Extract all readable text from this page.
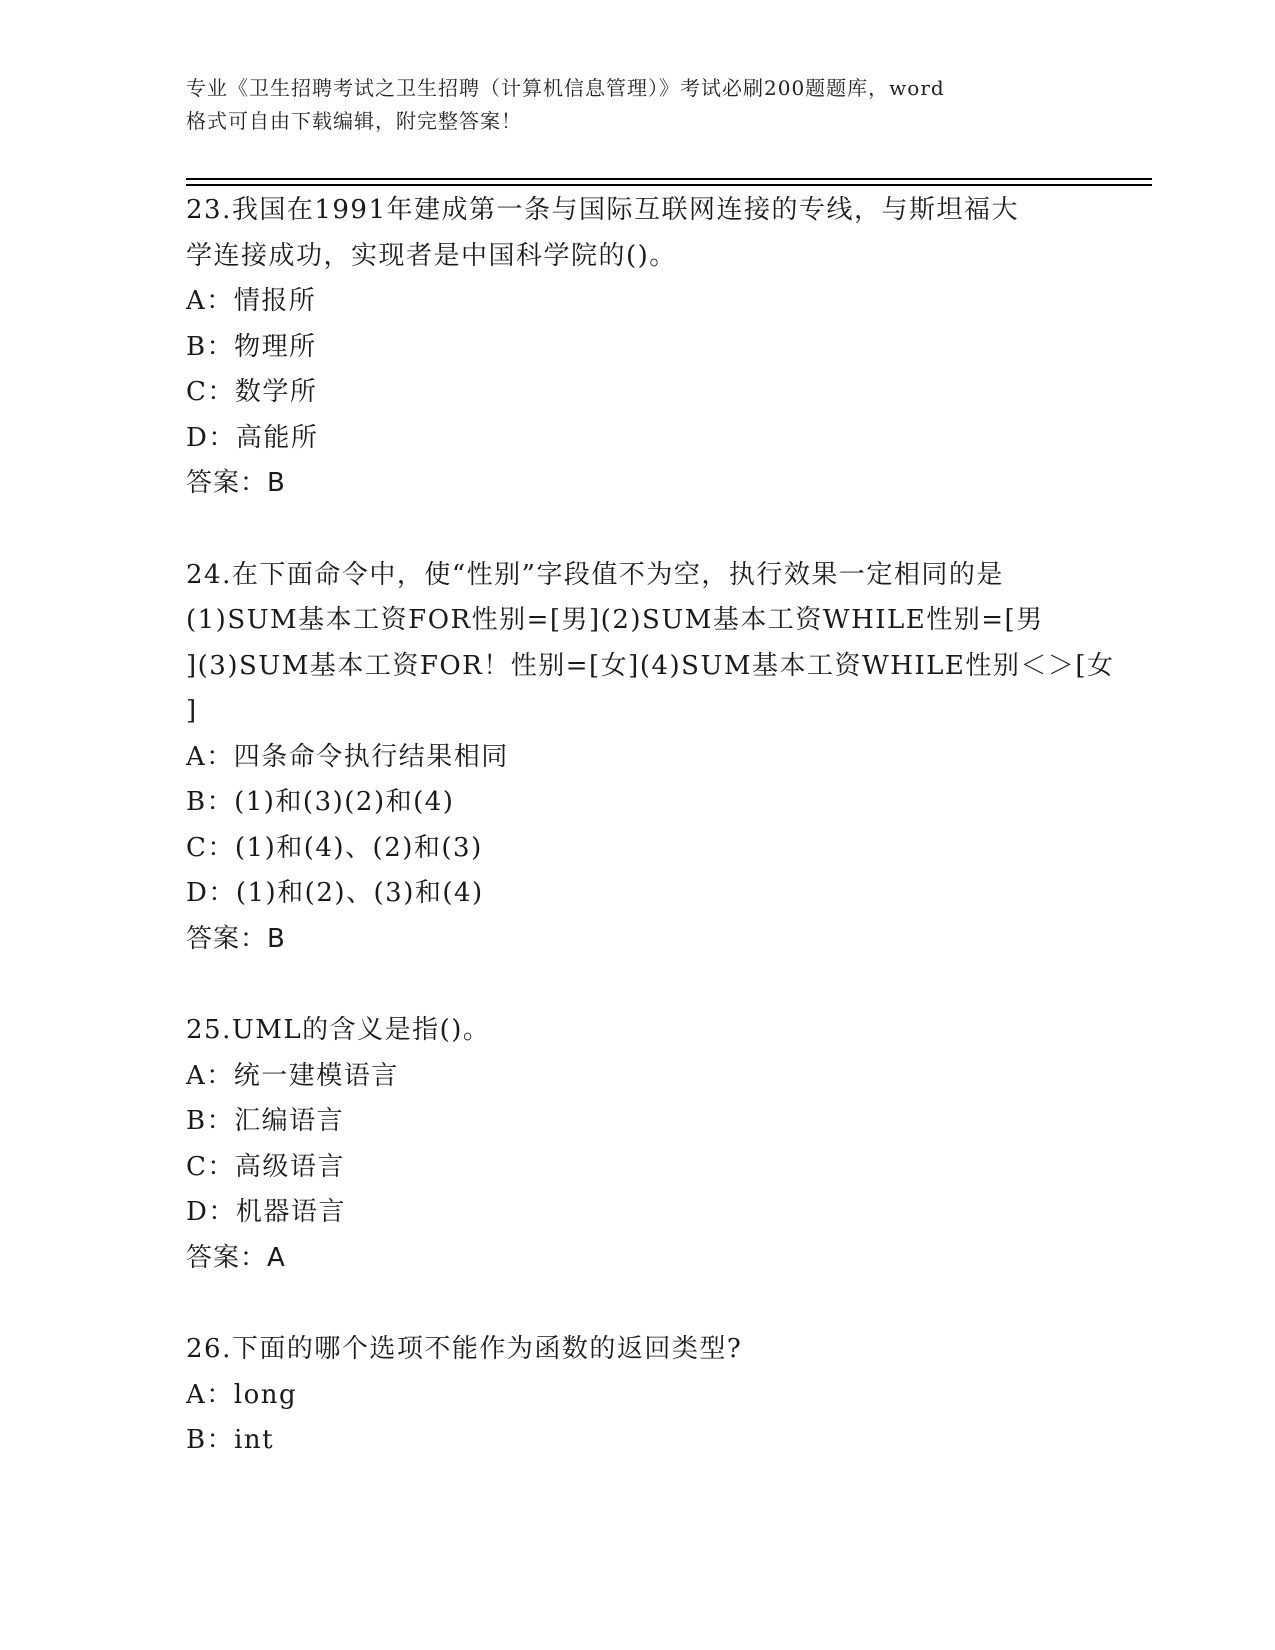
专业《卫生招聘考试之卫生招聘（计算机信息管理）》考试必刷200题题库，word
格式可自由下载编辑，附完整答案！
23.我国在1991年建成第一条与国际互联网连接的专线，与斯坦福大
学连接成功，实现者是中国科学院的()。
A：情报所
B：物理所
C：数学所
D：高能所
答案：B
24.在下面命令中，使“性别”字段值不为空，执行效果一定相同的是
(1)SUM基本工资FOR性别=[男](2)SUM基本工资WHILE性别=[男
](3)SUM基本工资FOR！性别=[女](4)SUM基本工资WHILE性别＜＞[女
]
A：四条命令执行结果相同
B：(1)和(3)(2)和(4)
C：(1)和(4)、(2)和(3)
D：(1)和(2)、(3)和(4)
答案：B
25.UML的含义是指()。
A：统一建模语言
B：汇编语言
C：高级语言
D：机器语言
答案：A
26.下面的哪个选项不能作为函数的返回类型?
A：long
B：int
